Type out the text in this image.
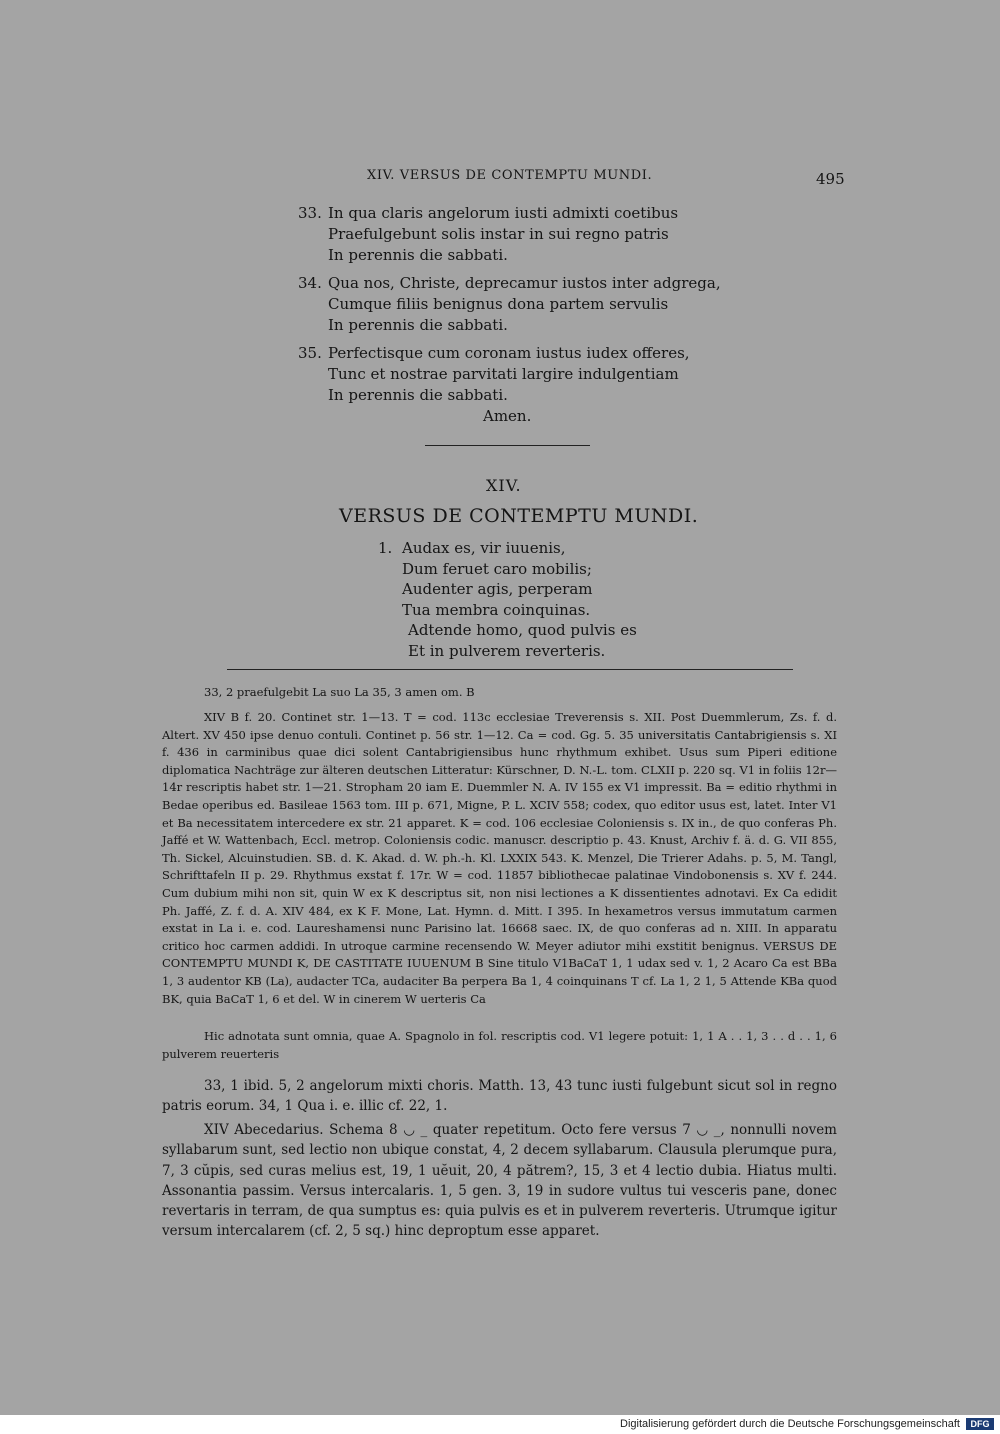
XIV. VERSUS DE CONTEMPTU MUNDI.	495
33. In qua claris angelorum iusti admixti coetibus
Praefulgebunt solis instar in sui regno patris
In perennis die sabbati.
34. Qua nos, Christe, deprecamur iustos inter adgrega,
Cumque filiis benignus dona partem servulis
In perennis die sabbati.
35. Perfectisque cum coronam iustus iudex offeres,
Tunc et nostrae parvitati largire indulgentiam
In perennis die sabbati.
Amen.
XIV.
VERSUS DE CONTEMPTU MUNDI.
1. Audax es, vir iuuenis,
Dum feruet caro mobilis;
Audenter agis, perperam
Tua membra coinquinas.
Adtende homo, quod pulvis es
Et in pulverem reverteris.
33, 2 praefulgebit La suo La 35, 3 amen om. B
XIV B f. 20. Continet str. 1—13. T = cod. 113c ecclesiae Treverensis s. XII. Post Duemmlerum, Zs. f. d. Altert. XV 450 ipse denuo contuli. Continet p. 56 str. 1—12. Ca = cod. Gg. 5. 35 universitatis Cantabrigiensis s. XI f. 436 in carminibus quae dici solent Cantabrigiensibus hunc rhythmum exhibet. Usus sum Piperi editione diplomatica Nachträge zur älteren deutschen Litteratur: Kürschner, D. N.-L. tom. CLXII p. 220 sq. V1 in foliis 12r—14r rescriptis habet str. 1—21. Stropham 20 iam E. Duemmler N. A. IV 155 ex V1 impressit. Ba = editio rhythmi in Bedae operibus ed. Basileae 1563 tom. III p. 671, Migne, P. L. XCIV 558; codex, quo editor usus est, latet. Inter V1 et Ba necessitatem intercedere ex str. 21 apparet. K = cod. 106 ecclesiae Coloniensis s. IX in., de quo conferas Ph. Jaffé et W. Wattenbach, Eccl. metrop. Coloniensis codic. manuscr. descriptio p. 43. Knust, Archiv f. ä. d. G. VII 855, Th. Sickel, Alcuinstudien. SB. d. K. Akad. d. W. ph.-h. Kl. LXXIX 543. K. Menzel, Die Trierer Adahs. p. 5, M. Tangl, Schrifttafeln II p. 29. Rhythmus exstat f. 17r. W = cod. 11857 bibliothecae palatinae Vindobonensis s. XV f. 244. Cum dubium mihi non sit, quin W ex K descriptus sit, non nisi lectiones a K dissentientes adnotavi. Ex Ca edidit Ph. Jaffé, Z. f. d. A. XIV 484, ex K F. Mone, Lat. Hymn. d. Mitt. I 395. In hexametros versus immutatum carmen exstat in La i. e. cod. Laureshamensi nunc Parisino lat. 16668 saec. IX, de quo conferas ad n. XIII. In apparatu critico hoc carmen addidi. In utroque carmine recensendo W. Meyer adiutor mihi exstitit benignus. VERSUS DE CONTEMPTU MUNDI K, DE CASTITATE IUUENUM B Sine titulo V1BaCaT 1, 1 udax sed v. 1, 2 Acaro Ca est BBa 1, 3 audentor KB (La), audacter TCa, audaciter Ba perpera Ba 1, 4 coinquinans T cf. La 1, 2 1, 5 Attende KBa quod BK, quia BaCaT 1, 6 et del. W in cinerem W uerteris Ca
Hic adnotata sunt omnia, quae A. Spagnolo in fol. rescriptis cod. V1 legere potuit: 1, 1 A . . 1, 3 . . d . . 1, 6 pulverem reuerteris
33, 1 ibid. 5, 2 angelorum mixti choris. Matth. 13, 43 tunc iusti fulgebunt sicut sol in regno patris eorum. 34, 1 Qua i. e. illic cf. 22, 1.
XIV Abecedarius. Schema 8 ◡ _ quater repetitum. Octo fere versus 7 ◡ _, nonnulli novem syllabarum sunt, sed lectio non ubique constat, 4, 2 decem syllabarum. Clausula plerumque pura, 7, 3 cŭpis, sed curas melius est, 19, 1 uĕuit, 20, 4 pătrem?, 15, 3 et 4 lectio dubia. Hiatus multi. Assonantia passim. Versus intercalaris. 1, 5 gen. 3, 19 in sudore vultus tui vesceris pane, donec revertaris in terram, de qua sumptus es: quia pulvis es et in pulverem reverteris. Utrumque igitur versum intercalarem (cf. 2, 5 sq.) hinc deproptum esse apparet.
Digitalisierung gefördert durch die Deutsche Forschungsgemeinschaft	DFG
